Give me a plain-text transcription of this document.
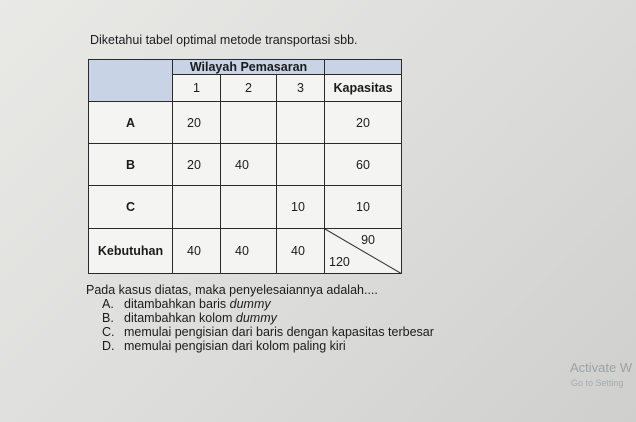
Diketahui tabel optimal metode transportasi sbb.
	Wilayah Pemasaran			
	1	2	3	Kapasitas
A	20			20
B	20	40		60
C			10	10
Kebutuhan	40	40	40	90
120
Pada kasus diatas, maka penyelesaiannya adalah....
A. ditambahkan baris dummy
B. ditambahkan kolom dummy
C. memulai pengisian dari baris dengan kapasitas terbesar
D. memulai pengisian dari kolom paling kiri
Activate W
Go to Setting
